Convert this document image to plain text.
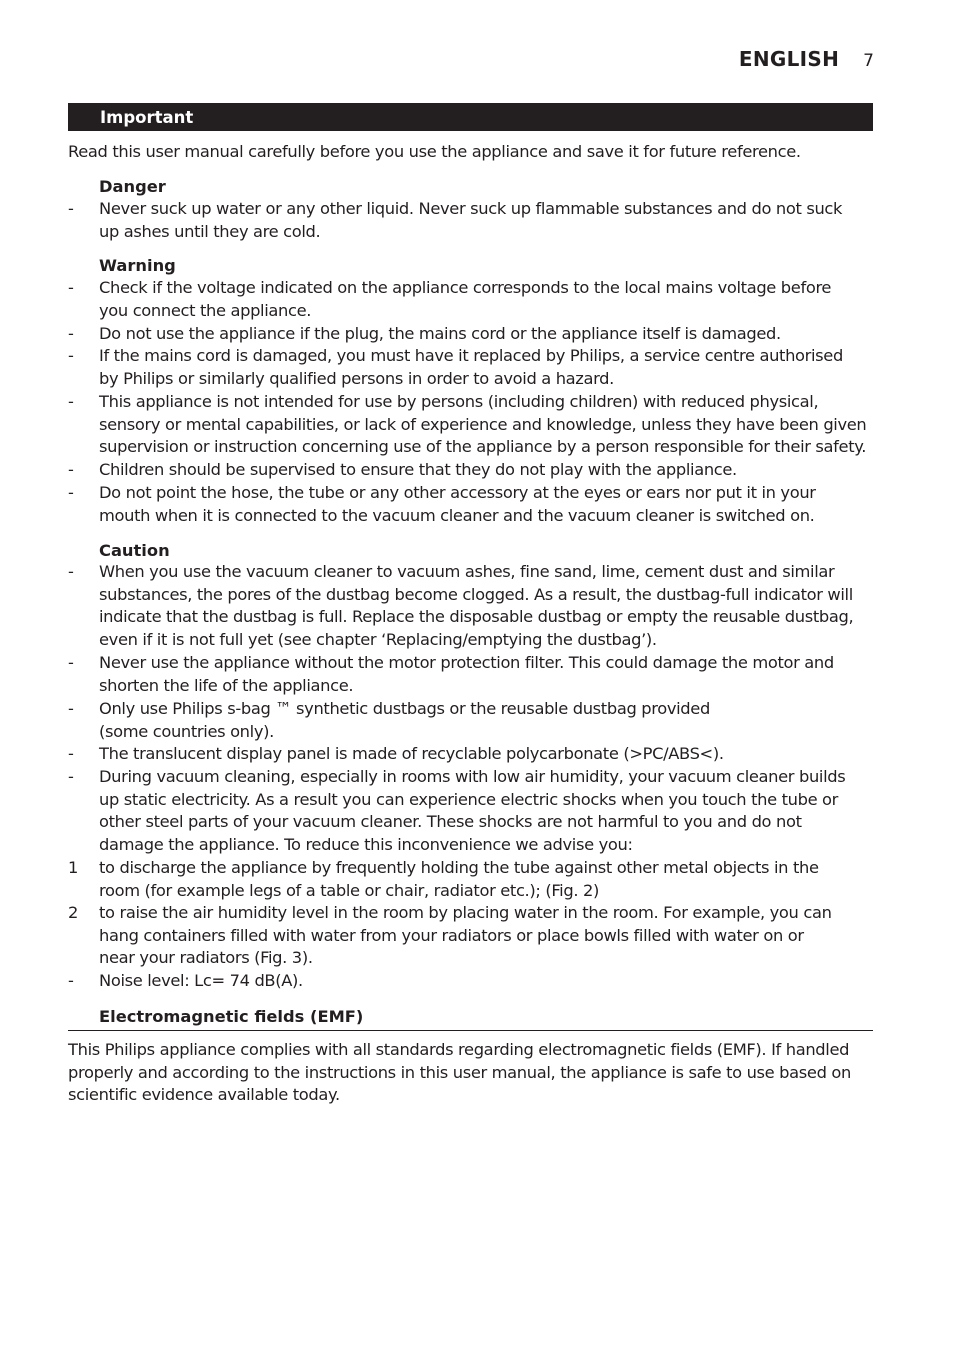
ENGLISH 7
Important
Read this user manual carefully before you use the appliance and save it for future reference.
Danger
- Never suck up water or any other liquid. Never suck up flammable substances and do not suck
up ashes until they are cold.
Warning
- Check if the voltage indicated on the appliance corresponds to the local mains voltage before
you connect the appliance.
- Do not use the appliance if the plug, the mains cord or the appliance itself is damaged.
- If the mains cord is damaged, you must have it replaced by Philips, a service centre authorised
by Philips or similarly qualified persons in order to avoid a hazard.
- This appliance is not intended for use by persons (including children) with reduced physical,
sensory or mental capabilities, or lack of experience and knowledge, unless they have been given
supervision or instruction concerning use of the appliance by a person responsible for their safety.
- Children should be supervised to ensure that they do not play with the appliance.
- Do not point the hose, the tube or any other accessory at the eyes or ears nor put it in your
mouth when it is connected to the vacuum cleaner and the vacuum cleaner is switched on.
Caution
- When you use the vacuum cleaner to vacuum ashes, fine sand, lime, cement dust and similar
substances, the pores of the dustbag become clogged. As a result, the dustbag-full indicator will
indicate that the dustbag is full. Replace the disposable dustbag or empty the reusable dustbag,
even if it is not full yet (see chapter ‘Replacing/emptying the dustbag’).
- Never use the appliance without the motor protection filter. This could damage the motor and
shorten the life of the appliance.
- Only use Philips s-bag ™ synthetic dustbags or the reusable dustbag provided
(some countries only).
- The translucent display panel is made of recyclable polycarbonate (>PC/ABS<).
- During vacuum cleaning, especially in rooms with low air humidity, your vacuum cleaner builds
up static electricity. As a result you can experience electric shocks when you touch the tube or
other steel parts of your vacuum cleaner. These shocks are not harmful to you and do not
damage the appliance. To reduce this inconvenience we advise you:
1 to discharge the appliance by frequently holding the tube against other metal objects in the
room (for example legs of a table or chair, radiator etc.); (Fig. 2)
2 to raise the air humidity level in the room by placing water in the room. For example, you can
hang containers filled with water from your radiators or place bowls filled with water on or
near your radiators (Fig. 3).
- Noise level: Lc= 74 dB(A).
Electromagnetic fields (EMF)
This Philips appliance complies with all standards regarding electromagnetic fields (EMF). If handled properly and according to the instructions in this user manual, the appliance is safe to use based on scientific evidence available today.
